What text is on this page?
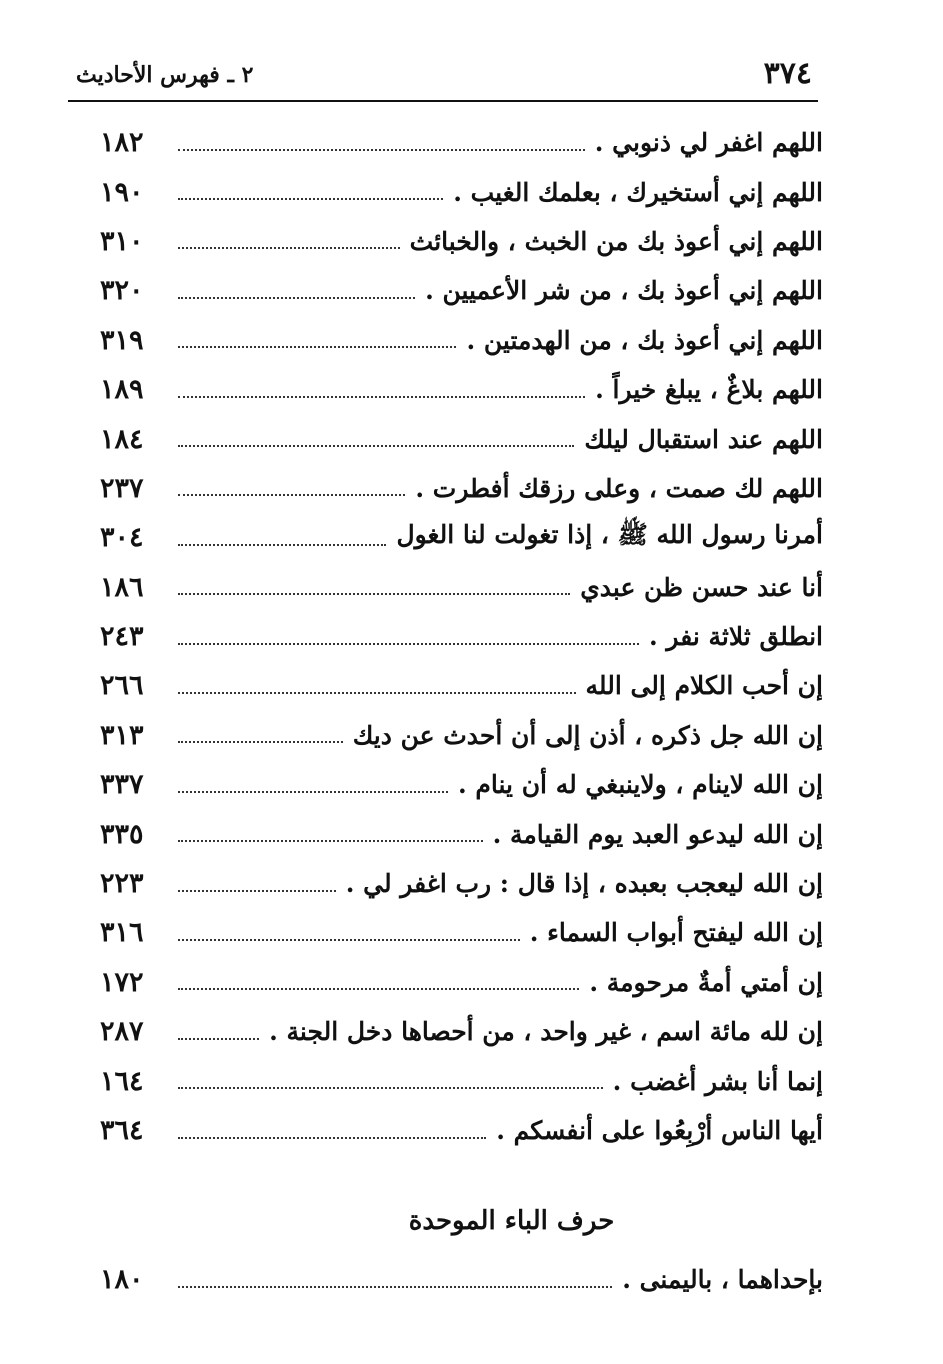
٣٧٤
٢ ـ فهرس الأحاديث
اللهم اغفر لي ذنوبي .
١٨٢
اللهم إني أستخيرك ، بعلمك الغيب .
١٩٠
اللهم إني أعوذ بك من الخبث ، والخبائث
٣١٠
اللهم إني أعوذ بك ، من شر الأعميين .
٣٢٠
اللهم إني أعوذ بك ، من الهدمتين .
٣١٩
اللهم بلاغٌ ، يبلغ خيراً .
١٨٩
اللهم عند استقبال ليلك
١٨٤
اللهم لك صمت ، وعلى رزقك أفطرت .
٢٣٧
أمرنا رسول الله ﷺ ، إذا تغولت لنا الغول
٣٠٤
أنا عند حسن ظن عبدي
١٨٦
انطلق ثلاثة نفر .
٢٤٣
إن أحب الكلام إلى الله
٢٦٦
إن الله جل ذكره ، أذن إلى أن أحدث عن ديك
٣١٣
إن الله لاينام ، ولاينبغي له أن ينام .
٣٣٧
إن الله ليدعو العبد يوم القيامة .
٣٣٥
إن الله ليعجب بعبده ، إذا قال : رب اغفر لي .
٢٢٣
إن الله ليفتح أبواب السماء .
٣١٦
إن أمتي أمةٌ مرحومة .
١٧٢
إن لله مائة اسم ، غير واحد ، من أحصاها دخل الجنة .
٢٨٧
إنما أنا بشر أغضب .
١٦٤
أيها الناس أرْبِعُوا على أنفسكم .
٣٦٤
حرف الباء الموحدة
بإحداهما ، باليمنى .
١٨٠
